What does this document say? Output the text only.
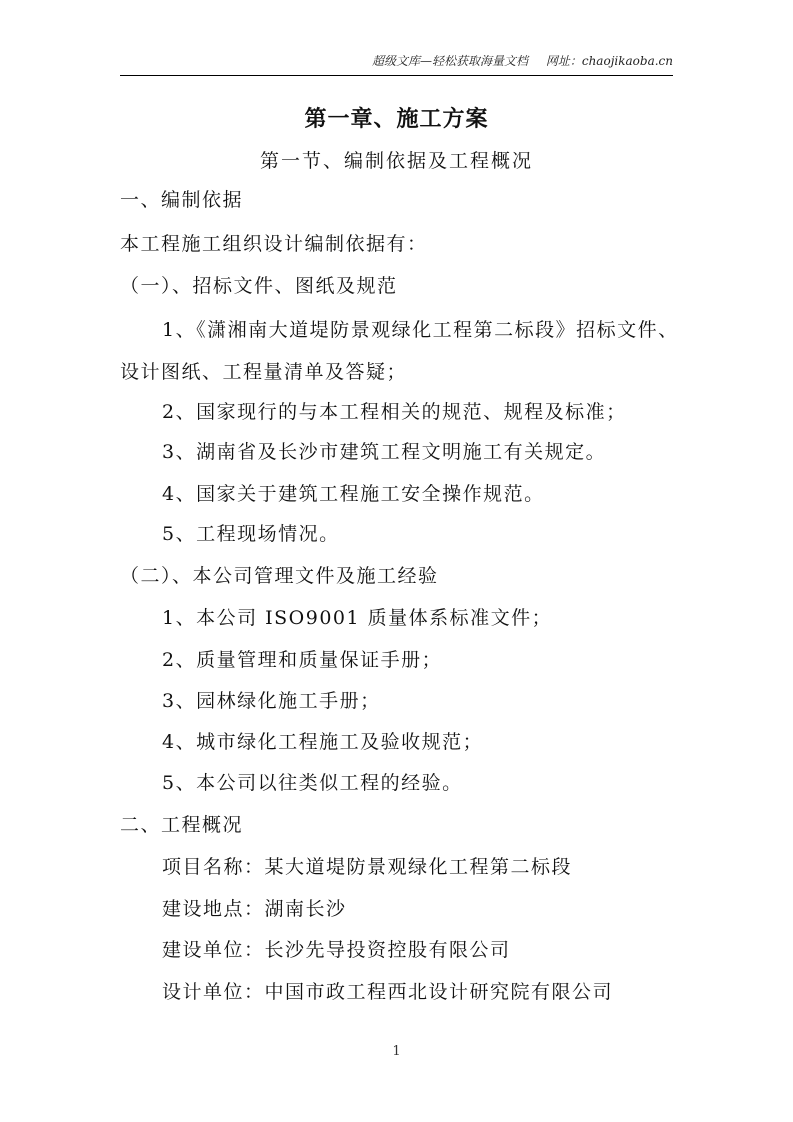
超级文库—轻松获取海量文档 网址：chaojikaoba.cn
第一章、施工方案
第一节、编制依据及工程概况
一、编制依据
本工程施工组织设计编制依据有：
（一）、招标文件、图纸及规范
1、《潇湘南大道堤防景观绿化工程第二标段》招标文件、
设计图纸、工程量清单及答疑；
2、国家现行的与本工程相关的规范、规程及标准；
3、湖南省及长沙市建筑工程文明施工有关规定。
4、国家关于建筑工程施工安全操作规范。
5、工程现场情况。
（二）、本公司管理文件及施工经验
1、本公司 ISO9001 质量体系标准文件；
2、质量管理和质量保证手册；
3、园林绿化施工手册；
4、城市绿化工程施工及验收规范；
5、本公司以往类似工程的经验。
二、工程概况
项目名称：某大道堤防景观绿化工程第二标段
建设地点：湖南长沙
建设单位：长沙先导投资控股有限公司
设计单位：中国市政工程西北设计研究院有限公司
1
